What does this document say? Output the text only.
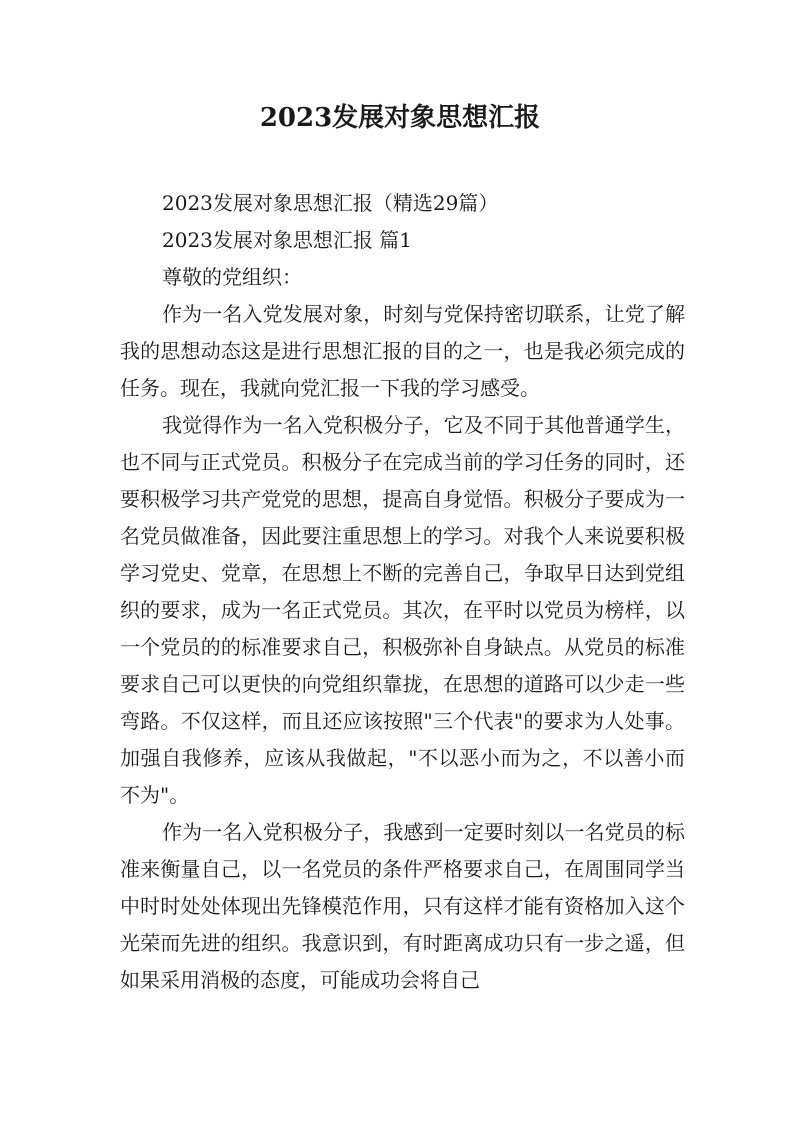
2023发展对象思想汇报

2023发展对象思想汇报（精选29篇）

2023发展对象思想汇报 篇1

尊敬的党组织：

作为一名入党发展对象，时刻与党保持密切联系，让党了解我的思想动态这是进行思想汇报的目的之一，也是我必须完成的任务。现在，我就向党汇报一下我的学习感受。

我觉得作为一名入党积极分子，它及不同于其他普通学生，也不同与正式党员。积极分子在完成当前的学习任务的同时，还要积极学习共产党党的思想，提高自身觉悟。积极分子要成为一名党员做准备，因此要注重思想上的学习。对我个人来说要积极学习党史、党章，在思想上不断的完善自己，争取早日达到党组织的要求，成为一名正式党员。其次，在平时以党员为榜样，以一个党员的的标准要求自己，积极弥补自身缺点。从党员的标准要求自己可以更快的向党组织靠拢，在思想的道路可以少走一些弯路。不仅这样，而且还应该按照"三个代表"的要求为人处事。加强自我修养，应该从我做起，"不以恶小而为之，不以善小而不为"。

作为一名入党积极分子，我感到一定要时刻以一名党员的标准来衡量自己，以一名党员的条件严格要求自己，在周围同学当中时时处处体现出先锋模范作用，只有这样才能有资格加入这个光荣而先进的组织。我意识到，有时距离成功只有一步之遥，但如果采用消极的态度，可能成功会将自己
